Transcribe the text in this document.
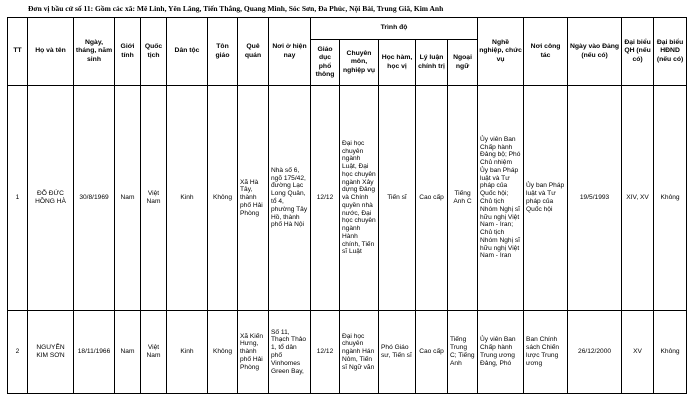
Đơn vị bầu cử số 11: Gồm các xã: Mê Linh, Yên Lãng, Tiến Thắng, Quang Minh, Sóc Sơn, Đa Phúc, Nội Bài, Trung Giã, Kim Anh
TT	Họ và tên	Ngày, tháng, năm sinh	Giới tính	Quốc tịch	Dân tộc	Tôn giáo	Quê quán	Nơi ở hiện nay	Trình độ					Nghề nghiệp, chức vụ	Nơi công tác	Ngày vào Đảng (nếu có)	Đại biểu QH (nếu có)	Đại biểu HĐND (nếu có)
									Giáo dục phổ thông	Chuyên môn, nghiệp vụ	Học hàm, học vị	Lý luận chính trị	Ngoại ngữ					
1	ĐỖ ĐỨC HỒNG HÀ	30/8/1969	Nam	Việt Nam	Kinh	Không	Xã Hà Tây, thành phố Hải Phòng	Nhà số 6, ngõ 175/42, đường Lạc Long Quân, tổ 4, phường Tây Hồ, thành phố Hà Nội	12/12	Đại học chuyên ngành Luật, Đại học chuyên ngành Xây dựng Đảng và Chính quyền nhà nước, Đại học chuyên ngành Hành chính, Tiến sĩ Luật	Tiến sĩ	Cao cấp	Tiếng Anh C	Ủy viên Ban Chấp hành Đảng bộ; Phó Chủ nhiệm Ủy ban Pháp luật và Tư pháp của Quốc hội; Chủ tịch Nhóm Nghị sĩ hữu nghị Việt Nam - Iran; Chủ tịch Nhóm Nghị sĩ hữu nghị Việt Nam - Iran	Ủy ban Pháp luật và Tư pháp của Quốc hội	19/5/1993	XIV, XV	Không
2	NGUYỄN KIM SƠN	18/11/1966	Nam	Việt Nam	Kinh	Không	Xã Kiến Hưng, thành phố Hải Phòng	Số 11, Thạch Thảo 1, tổ dân phố Vinhomes Green Bay,	12/12	Đại học chuyên ngành Hán Nôm, Tiến sĩ Ngữ văn	Phó Giáo sư, Tiến sĩ	Cao cấp	Tiếng Trung C; Tiếng Anh	Ủy viên Ban Chấp hành Trung ương Đảng, Phó	Ban Chính sách Chiến lược Trung ương	26/12/2000	XV	Không
